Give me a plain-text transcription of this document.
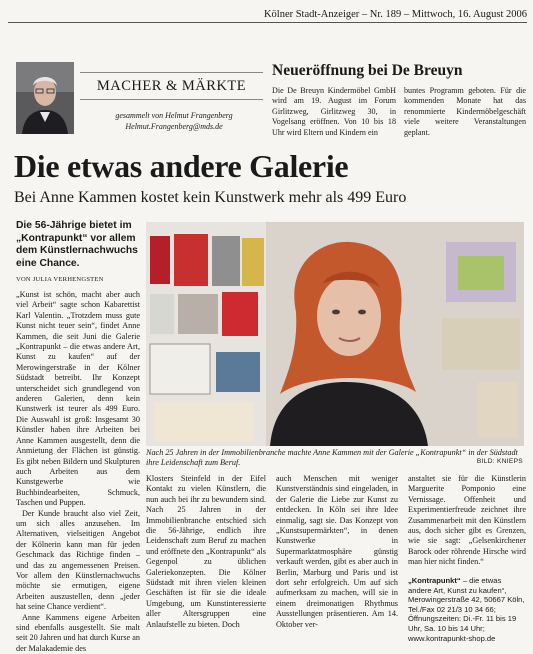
Kölner Stadt-Anzeiger – Nr. 189 – Mittwoch, 16. August 2006
MACHER & MÄRKTE
gesammelt von Helmut Frangenberg
Helmut.Frangenberg@mds.de
Neueröffnung bei De Breuyn
Die De Breuyn Kindermöbel GmbH wird am 19. August im Forum Girlitzweg, Girlitzweg 30, in Vogelsang eröffnen. Von 10 bis 18 Uhr wird Eltern und Kindern ein
buntes Programm geboten. Für die kommenden Monate hat das renommierte Kindermöbelgeschäft viele weitere Veranstaltungen geplant.
Die etwas andere Galerie
Bei Anne Kammen kostet kein Kunstwerk mehr als 499 Euro
Die 56-Jährige bietet im „Kontrapunkt“ vor allem dem Künstlernachwuchs eine Chance.
VON JULIA VERHENGSTEN

„Kunst ist schön, macht aber auch viel Arbeit“ sagte schon Kabarettist Karl Valentin. „Trotzdem muss gute Kunst nicht teuer sein“, findet Anne Kammen, die seit Juni die Galerie „Kontrapunkt – die etwas andere Art, Kunst zu kaufen“ auf der Merowingerstraße in der Kölner Südstadt betreibt. Ihr Konzept unterscheidet sich grundlegend von anderen Galerien, denn kein Kunstwerk ist teurer als 499 Euro. Die Auswahl ist groß: Insgesamt 30 Künstler haben ihre Arbeiten bei Anne Kammen ausgestellt, denn die Anmietung der Flächen ist günstig. Es gibt neben Bildern und Skulpturen auch Arbeiten aus dem Kunstgewerbe wie Buchbindearbeiten, Schmuck, Taschen und Puppen.

Der Kunde braucht also viel Zeit, um sich alles anzusehen. Im Alternativen, vielseitigen Angebot der Kölnerin kann man für jeden Geschmack das Richtige finden – und das zu angemessenen Preisen. Vor allem den Künstlernachwuchs möchte sie ermutigen, eigene Arbeiten auszustellen, denn „jeder hat seine Chance verdient“.

Anne Kammens eigene Arbeiten sind ebenfalls ausgestellt. Sie malt seit 20 Jahren und hat durch Kurse an der Malakademie des

Nach 25 Jahren in der Immobilienbranche machte Anne Kammen mit der Galerie „Kontrapunkt“ in der Südstadt ihre Leidenschaft zum Beruf.	BILD: KNIEPS
Klosters Steinfeld in der Eifel Kontakt zu vielen Künstlern, die nun auch bei ihr zu bewundern sind. Nach 25 Jahren in der Immobilienbranche entschied sich die 56-Jährige, endlich ihre Leidenschaft zum Beruf zu machen und eröffnete den „Kontrapunkt“ als Gegenpol zu üblichen Galeriekonzepten. Die Kölner Südstadt mit ihren vielen kleinen Geschäften ist für sie die ideale Umgebung, um Kunstinteressierte aller Altersgruppen eine Anlaufstelle zu bieten. Doch
auch Menschen mit weniger Kunstverständnis sind eingeladen, in der Galerie die Liebe zur Kunst zu entdecken. In Köln sei ihre Idee einmalig, sagt sie. Das Konzept von „Kunstsupermärkten“, in denen Kunstwerke in Supermarktatmosphäre günstig verkauft werden, gibt es aber auch in Berlin, Marburg und Paris und ist dort sehr erfolgreich. Um auf sich aufmerksam zu machen, will sie in einem dreimonatigen Rhythmus Ausstellungen präsentieren. Am 14. Oktober ver-
anstaltet sie für die Künstlerin Marguerite Pomponio eine Vernissage. Offenheit und Experimentierfreude zeichnet ihre Zusammenarbeit mit den Künstlern aus, doch sicher gibt es Grenzen, wie sie sagt: „Gelsenkirchener Barock oder röhrende Hirsche wird man hier nicht finden.“
„Kontrapunkt“ – die etwas andere Art, Kunst zu kaufen“, Merowingerstraße 42, 50667 Köln, Tel./Fax 02 21/3 10 34 66; Öffnungszeiten: Di.-Fr. 11 bis 19 Uhr, Sa. 10 bis 14 Uhr; www.kontrapunkt-shop.de
